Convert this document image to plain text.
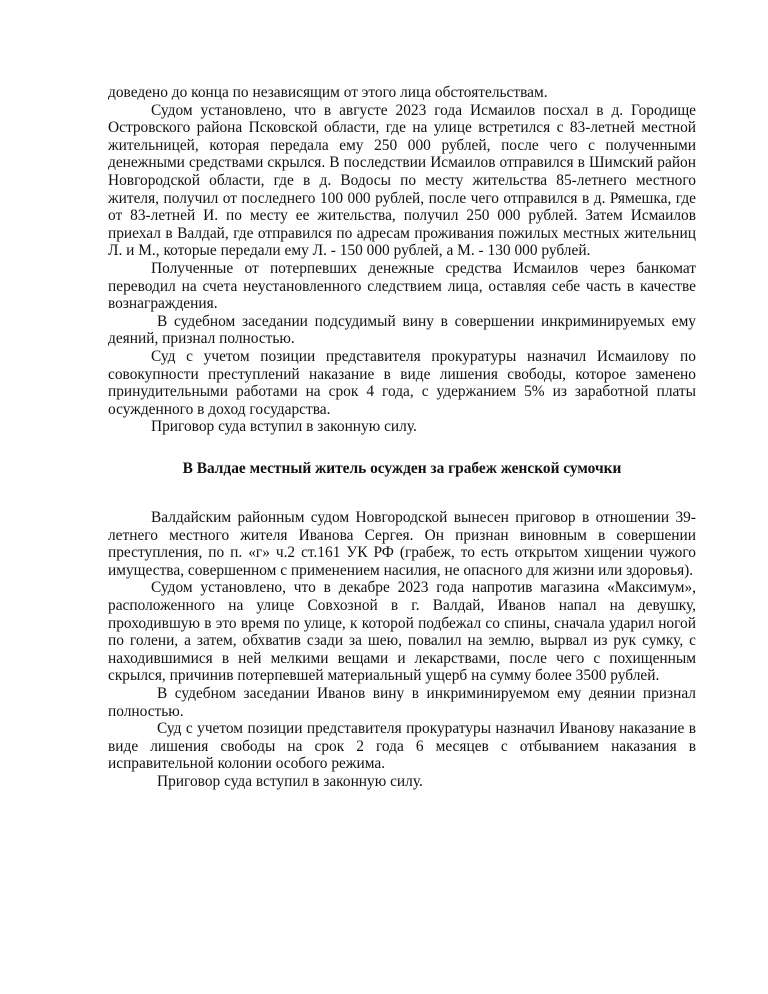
доведено до конца по независящим от этого лица обстоятельствам.

Судом установлено, что в августе 2023 года Исмаилов посхал в д. Городище Островского района Псковской области, где на улице встретился с 83-летней местной жительницей, которая передала ему 250 000 рублей, после чего с полученными денежными средствами скрылся. В последствии Исмаилов отправился в Шимский район Новгородской области, где в д. Водосы по месту жительства 85-летнего местного жителя, получил от последнего 100 000 рублей, после чего отправился в д. Рямешка, где от 83-летней И. по месту ее жительства, получил 250 000 рублей. Затем Исмаилов приехал в Валдай, где отправился по адресам проживания пожилых местных жительниц Л. и М., которые передали ему Л. - 150 000 рублей, а М. - 130 000 рублей.

Полученные от потерпевших денежные средства Исмаилов через банкомат переводил на счета неустановленного следствием лица, оставляя себе часть в качестве вознаграждения.

В судебном заседании подсудимый вину в совершении инкриминируемых ему деяний, признал полностью.

Суд с учетом позиции представителя прокуратуры назначил Исмаилову по совокупности преступлений наказание в виде лишения свободы, которое заменено принудительными работами на срок 4 года, с удержанием 5% из заработной платы осужденного в доход государства.

Приговор суда вступил в законную силу.

В Валдае местный житель осужден за грабеж женской сумочки

Валдайским районным судом Новгородской вынесен приговор в отношении 39-летнего местного жителя Иванова Сергея. Он признан виновным в совершении преступления, по п. «г» ч.2 ст.161 УК РФ (грабеж, то есть открытом хищении чужого имущества, совершенном с применением насилия, не опасного для жизни или здоровья).

Судом установлено, что в декабре 2023 года напротив магазина «Максимум», расположенного на улице Совхозной в г. Валдай, Иванов напал на девушку, проходившую в это время по улице, к которой подбежал со спины, сначала ударил ногой по голени, а затем, обхватив сзади за шею, повалил на землю, вырвал из рук сумку, с находившимися в ней мелкими вещами и лекарствами, после чего с похищенным скрылся, причинив потерпевшей материальный ущерб на сумму более 3500 рублей.

В судебном заседании Иванов вину в инкриминируемом ему деянии признал полностью.

Суд с учетом позиции представителя прокуратуры назначил Иванову наказание в виде лишения свободы на срок 2 года 6 месяцев с отбыванием наказания в исправительной колонии особого режима.

Приговор суда вступил в законную силу.
